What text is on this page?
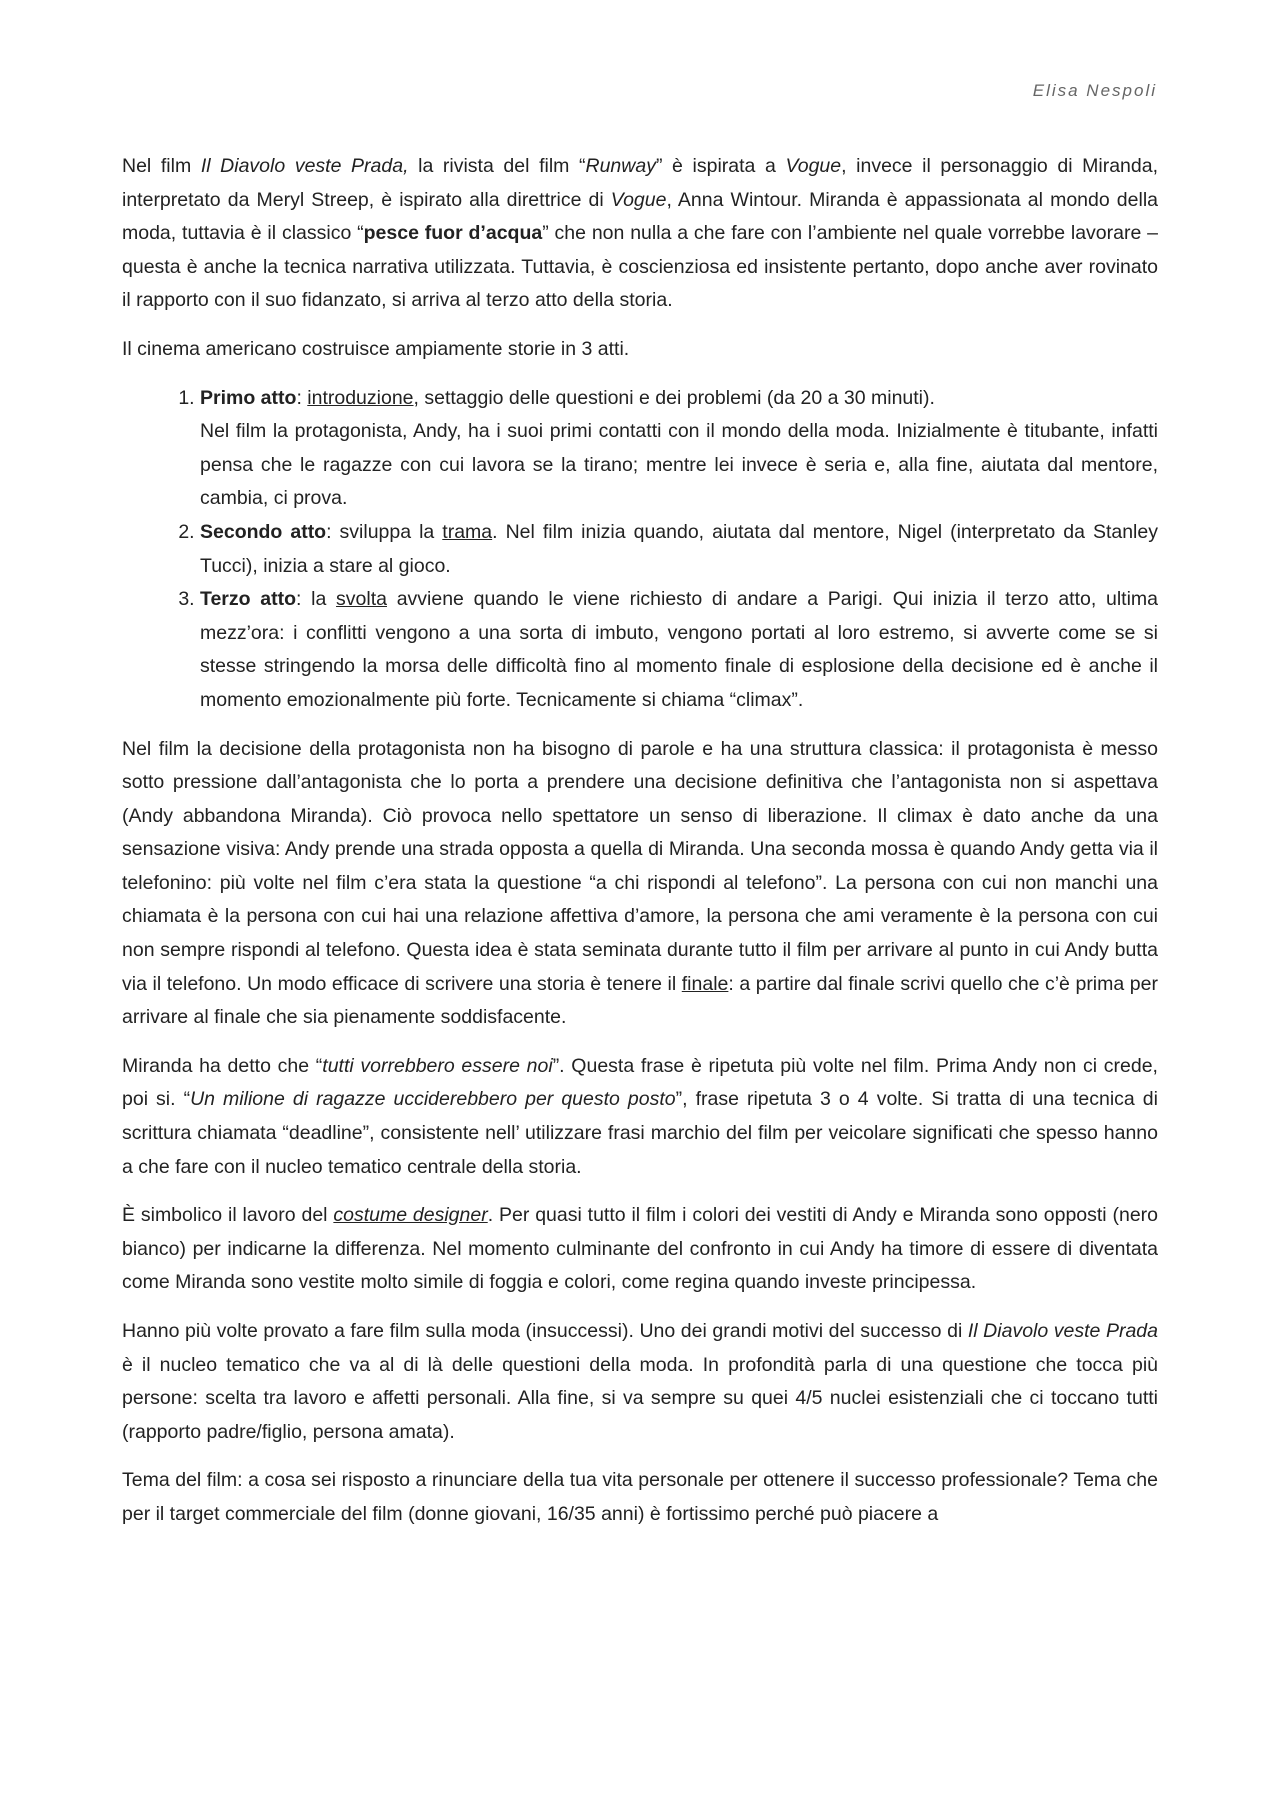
Elisa Nespoli

Nel film Il Diavolo veste Prada, la rivista del film “Runway” è ispirata a Vogue, invece il personaggio di Miranda, interpretato da Meryl Streep, è ispirato alla direttrice di Vogue, Anna Wintour. Miranda è appassionata al mondo della moda, tuttavia è il classico “pesce fuor d’acqua” che non nulla a che fare con l’ambiente nel quale vorrebbe lavorare – questa è anche la tecnica narrativa utilizzata. Tuttavia, è coscienziosa ed insistente pertanto, dopo anche aver rovinato il rapporto con il suo fidanzato, si arriva al terzo atto della storia.

Il cinema americano costruisce ampiamente storie in 3 atti.

1. Primo atto: introduzione, settaggio delle questioni e dei problemi (da 20 a 30 minuti).
Nel film la protagonista, Andy, ha i suoi primi contatti con il mondo della moda. Inizialmente è titubante, infatti pensa che le ragazze con cui lavora se la tirano; mentre lei invece è seria e, alla fine, aiutata dal mentore, cambia, ci prova.
2. Secondo atto: sviluppa la trama. Nel film inizia quando, aiutata dal mentore, Nigel (interpretato da Stanley Tucci), inizia a stare al gioco.
3. Terzo atto: la svolta avviene quando le viene richiesto di andare a Parigi. Qui inizia il terzo atto, ultima mezz’ora: i conflitti vengono a una sorta di imbuto, vengono portati al loro estremo, si avverte come se si stesse stringendo la morsa delle difficoltà fino al momento finale di esplosione della decisione ed è anche il momento emozionalmente più forte. Tecnicamente si chiama “climax”.

Nel film la decisione della protagonista non ha bisogno di parole e ha una struttura classica: il protagonista è messo sotto pressione dall’antagonista che lo porta a prendere una decisione definitiva che l’antagonista non si aspettava (Andy abbandona Miranda). Ciò provoca nello spettatore un senso di liberazione. Il climax è dato anche da una sensazione visiva: Andy prende una strada opposta a quella di Miranda. Una seconda mossa è quando Andy getta via il telefonino: più volte nel film c’era stata la questione “a chi rispondi al telefono”. La persona con cui non manchi una chiamata è la persona con cui hai una relazione affettiva d’amore, la persona che ami veramente è la persona con cui non sempre rispondi al telefono. Questa idea è stata seminata durante tutto il film per arrivare al punto in cui Andy butta via il telefono. Un modo efficace di scrivere una storia è tenere il finale: a partire dal finale scrivi quello che c’è prima per arrivare al finale che sia pienamente soddisfacente.

Miranda ha detto che “tutti vorrebbero essere noi”. Questa frase è ripetuta più volte nel film. Prima Andy non ci crede, poi si. “Un milione di ragazze ucciderebbero per questo posto”, frase ripetuta 3 o 4 volte. Si tratta di una tecnica di scrittura chiamata “deadline”, consistente nell’ utilizzare frasi marchio del film per veicolare significati che spesso hanno a che fare con il nucleo tematico centrale della storia.

È simbolico il lavoro del costume designer. Per quasi tutto il film i colori dei vestiti di Andy e Miranda sono opposti (nero bianco) per indicarne la differenza. Nel momento culminante del confronto in cui Andy ha timore di essere di diventata come Miranda sono vestite molto simile di foggia e colori, come regina quando investe principessa.

Hanno più volte provato a fare film sulla moda (insuccessi). Uno dei grandi motivi del successo di Il Diavolo veste Prada è il nucleo tematico che va al di là delle questioni della moda. In profondità parla di una questione che tocca più persone: scelta tra lavoro e affetti personali. Alla fine, si va sempre su quei 4/5 nuclei esistenziali che ci toccano tutti (rapporto padre/figlio, persona amata).

Tema del film: a cosa sei risposto a rinunciare della tua vita personale per ottenere il successo professionale? Tema che per il target commerciale del film (donne giovani, 16/35 anni) è fortissimo perché può piacere a
